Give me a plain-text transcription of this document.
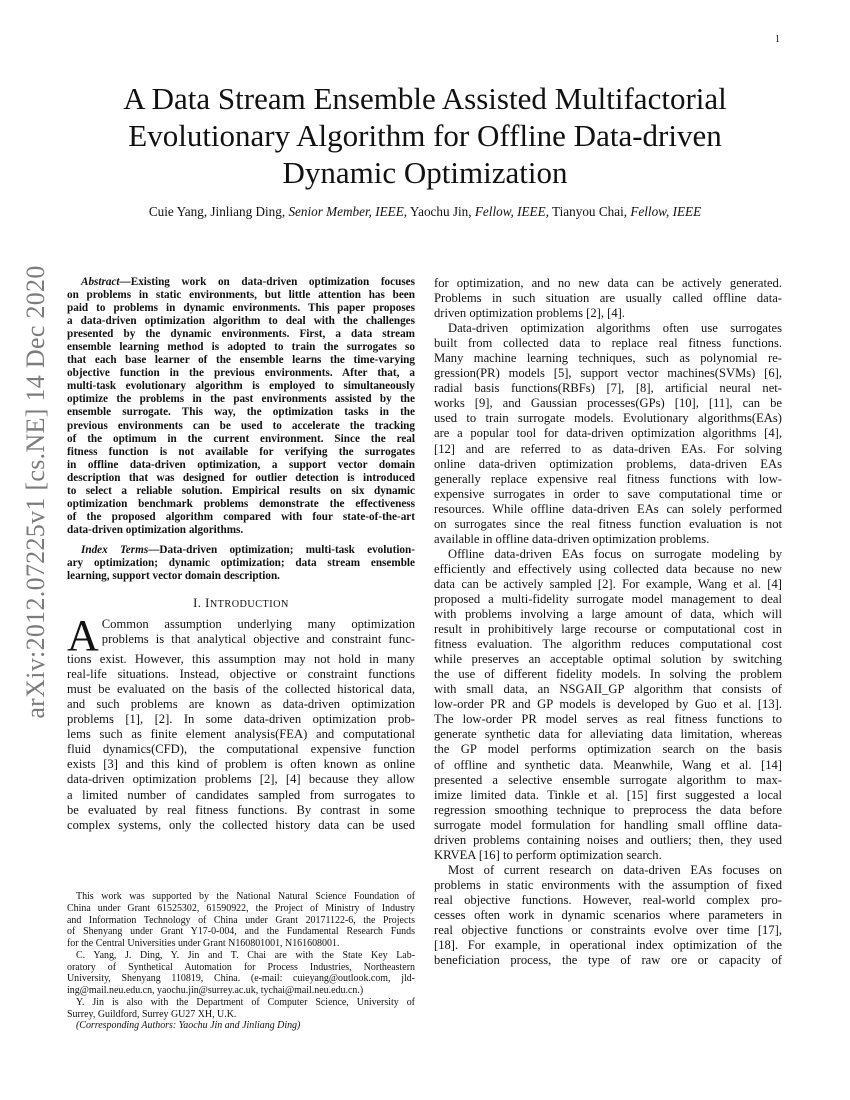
1
arXiv:2012.07225v1 [cs.NE] 14 Dec 2020
A Data Stream Ensemble Assisted Multifactorial
Evolutionary Algorithm for Offline Data-driven
Dynamic Optimization
Cuie Yang, Jinliang Ding, Senior Member, IEEE, Yaochu Jin, Fellow, IEEE, Tianyou Chai, Fellow, IEEE
Abstract—Existing work on data-driven optimization focuses
on problems in static environments, but little attention has been
paid to problems in dynamic environments. This paper proposes
a data-driven optimization algorithm to deal with the challenges
presented by the dynamic environments. First, a data stream
ensemble learning method is adopted to train the surrogates so
that each base learner of the ensemble learns the time-varying
objective function in the previous environments. After that, a
multi-task evolutionary algorithm is employed to simultaneously
optimize the problems in the past environments assisted by the
ensemble surrogate. This way, the optimization tasks in the
previous environments can be used to accelerate the tracking
of the optimum in the current environment. Since the real
fitness function is not available for verifying the surrogates
in offline data-driven optimization, a support vector domain
description that was designed for outlier detection is introduced
to select a reliable solution. Empirical results on six dynamic
optimization benchmark problems demonstrate the effectiveness
of the proposed algorithm compared with four state-of-the-art
data-driven optimization algorithms.
Index Terms—Data-driven optimization; multi-task evolution-
ary optimization; dynamic optimization; data stream ensemble
learning, support vector domain description.
I. INTRODUCTION
A Common assumption underlying many optimization
problems is that analytical objective and constraint func-
tions exist. However, this assumption may not hold in many
real-life situations. Instead, objective or constraint functions
must be evaluated on the basis of the collected historical data,
and such problems are known as data-driven optimization
problems [1], [2]. In some data-driven optimization prob-
lems such as finite element analysis(FEA) and computational
fluid dynamics(CFD), the computational expensive function
exists [3] and this kind of problem is often known as online
data-driven optimization problems [2], [4] because they allow
a limited number of candidates sampled from surrogates to
be evaluated by real fitness functions. By contrast in some
complex systems, only the collected history data can be used
This work was supported by the National Natural Science Foundation of
China under Grant 61525302, 61590922, the Project of Ministry of Industry
and Information Technology of China under Grant 20171122-6, the Projects
of Shenyang under Grant Y17-0-004, and the Fundamental Research Funds
for the Central Universities under Grant N160801001, N161608001.
C. Yang, J. Ding, Y. Jin and T. Chai are with the State Key Lab-
oratory of Synthetical Automation for Process Industries, Northeastern
University, Shenyang 110819, China. (e-mail: cuieyang@outlook.com, jld-
ing@mail.neu.edu.cn, yaochu.jin@surrey.ac.uk, tychai@mail.neu.edu.cn.)
Y. Jin is also with the Department of Computer Science, University of
Surrey, Guildford, Surrey GU27 XH, U.K.
(Corresponding Authors: Yaochu Jin and Jinliang Ding)
for optimization, and no new data can be actively generated.
Problems in such situation are usually called offline data-
driven optimization problems [2], [4].
Data-driven optimization algorithms often use surrogates
built from collected data to replace real fitness functions.
Many machine learning techniques, such as polynomial re-
gression(PR) models [5], support vector machines(SVMs) [6],
radial basis functions(RBFs) [7], [8], artificial neural net-
works [9], and Gaussian processes(GPs) [10], [11], can be
used to train surrogate models. Evolutionary algorithms(EAs)
are a popular tool for data-driven optimization algorithms [4],
[12] and are referred to as data-driven EAs. For solving
online data-driven optimization problems, data-driven EAs
generally replace expensive real fitness functions with low-
expensive surrogates in order to save computational time or
resources. While offline data-driven EAs can solely performed
on surrogates since the real fitness function evaluation is not
available in offline data-driven optimization problems.
Offline data-driven EAs focus on surrogate modeling by
efficiently and effectively using collected data because no new
data can be actively sampled [2]. For example, Wang et al. [4]
proposed a multi-fidelity surrogate model management to deal
with problems involving a large amount of data, which will
result in prohibitively large recourse or computational cost in
fitness evaluation. The algorithm reduces computational cost
while preserves an acceptable optimal solution by switching
the use of different fidelity models. In solving the problem
with small data, an NSGAII_GP algorithm that consists of
low-order PR and GP models is developed by Guo et al. [13].
The low-order PR model serves as real fitness functions to
generate synthetic data for alleviating data limitation, whereas
the GP model performs optimization search on the basis
of offline and synthetic data. Meanwhile, Wang et al. [14]
presented a selective ensemble surrogate algorithm to max-
imize limited data. Tinkle et al. [15] first suggested a local
regression smoothing technique to preprocess the data before
surrogate model formulation for handling small offline data-
driven problems containing noises and outliers; then, they used
KRVEA [16] to perform optimization search.
Most of current research on data-driven EAs focuses on
problems in static environments with the assumption of fixed
real objective functions. However, real-world complex pro-
cesses often work in dynamic scenarios where parameters in
real objective functions or constraints evolve over time [17],
[18]. For example, in operational index optimization of the
beneficiation process, the type of raw ore or capacity of
